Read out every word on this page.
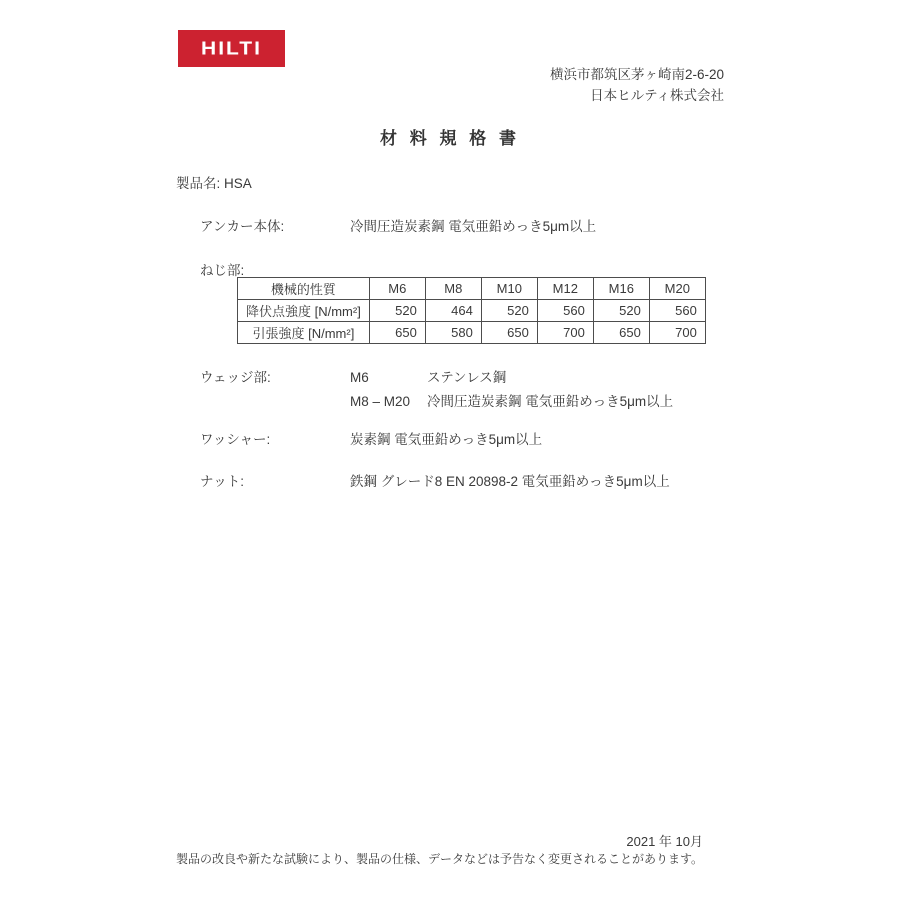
HILTI
横浜市都筑区茅ヶ崎南2-6-20
日本ヒルティ株式会社
材 料 規 格 書
製品名: HSA
アンカー本体:	冷間圧造炭素鋼 電気亜鉛めっき5μm以上
ねじ部:
機械的性質	M6	M8	M10	M12	M16	M20
降伏点強度 [N/mm²]	520	464	520	560	520	560
引張強度 [N/mm²]	650	580	650	700	650	700
ウェッジ部:	M6	ステンレス鋼
M8 – M20 冷間圧造炭素鋼 電気亜鉛めっき5μm以上
ワッシャー:	炭素鋼 電気亜鉛めっき5μm以上
ナット:	鉄鋼 グレード8 EN 20898-2 電気亜鉛めっき5μm以上
2021 年 10月
製品の改良や新たな試験により、製品の仕様、データなどは予告なく変更されることがあります。
